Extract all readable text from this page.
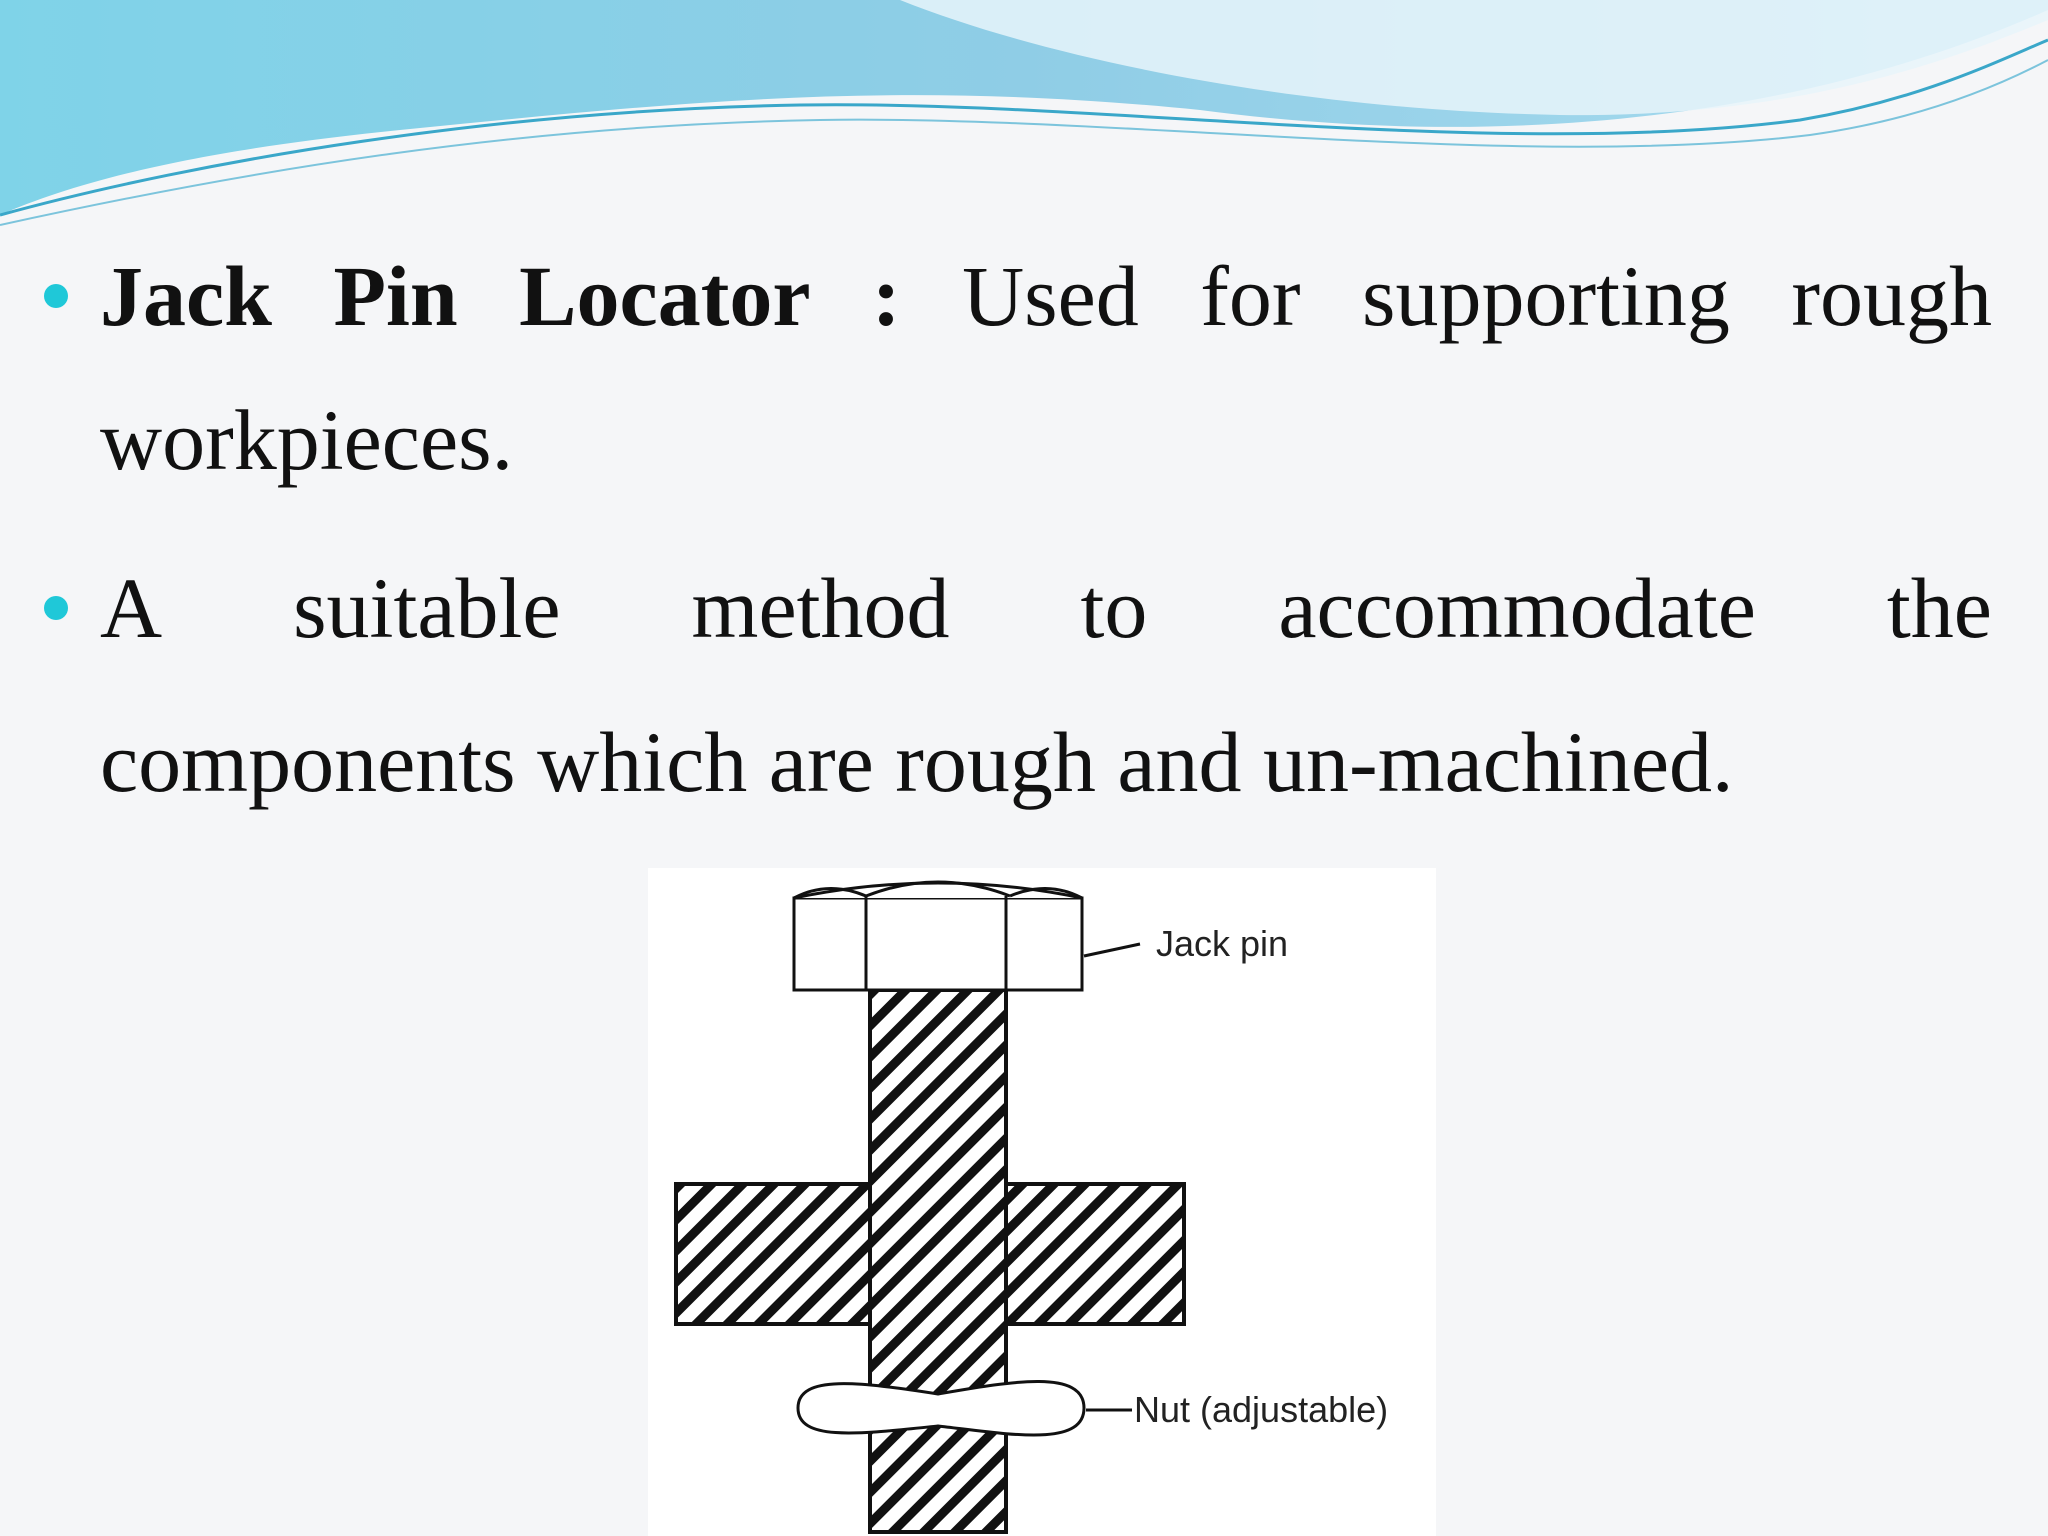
Jack Pin Locator : Used for supporting rough
workpieces.
A suitable method to accommodate the
components which are rough and un-machined.
Jack pin
Nut (adjustable)
